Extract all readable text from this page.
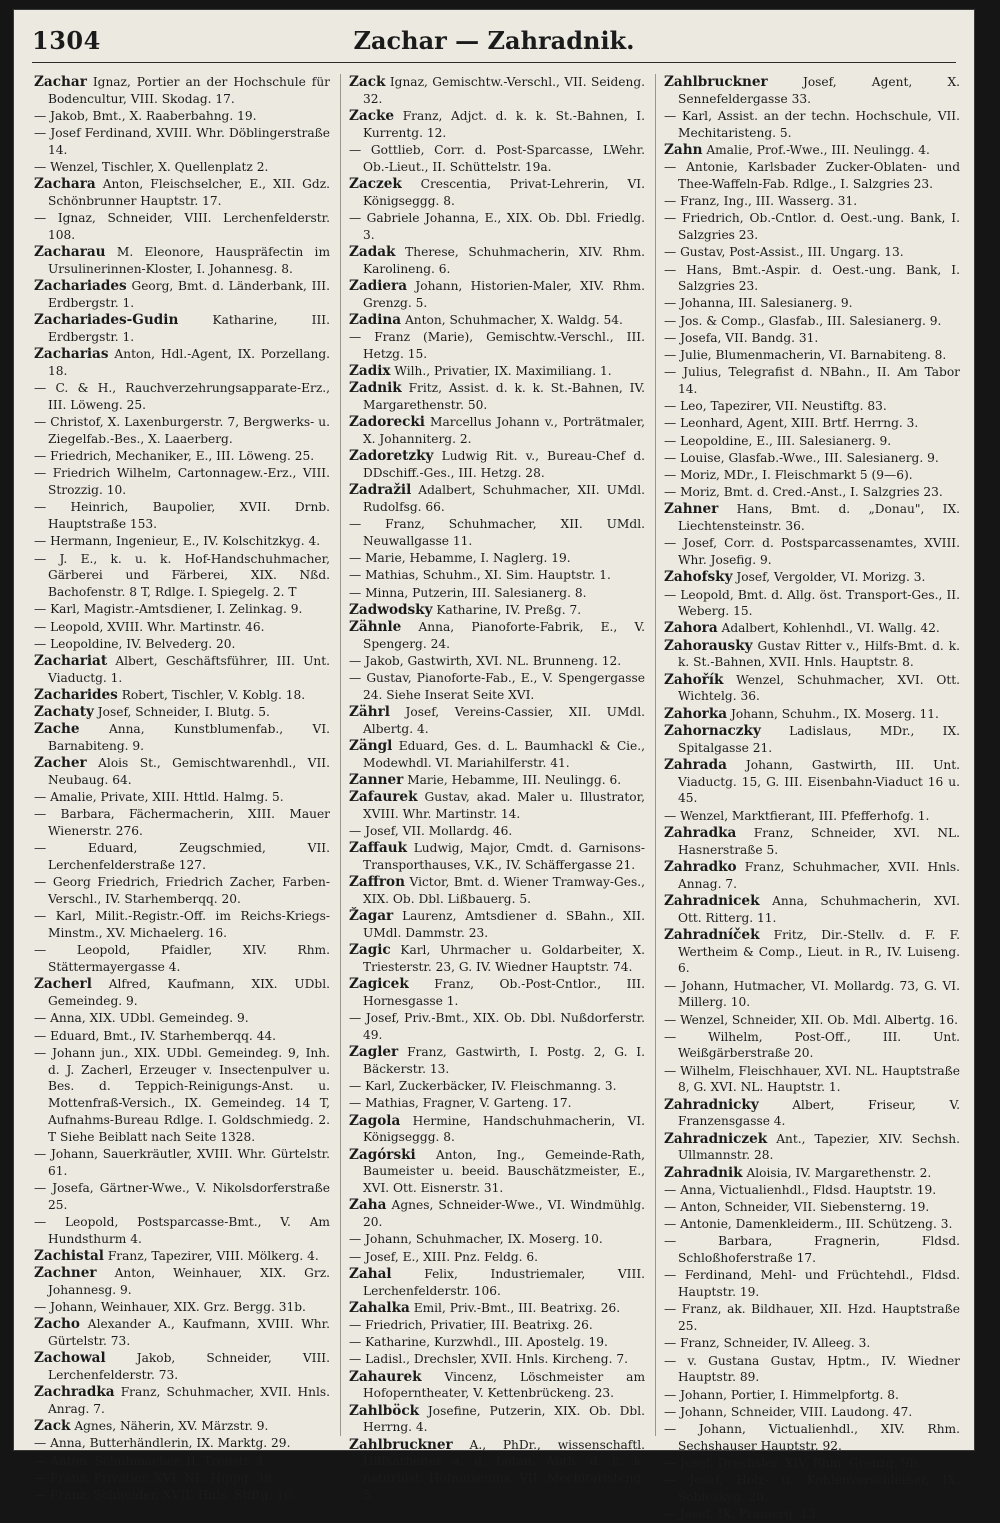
1304	Zachar — Zahradnik.

Zachar Ignaz, Portier an der Hochschule für Bodencultur, VIII. Skodag. 17.

— Jakob, Bmt., X. Raaberbahng. 19.

— Josef Ferdinand, XVIII. Whr. Döblingerstraße 14.

— Wenzel, Tischler, X. Quellenplatz 2.

Zachara Anton, Fleischselcher, E., XII. Gdz. Schönbrunner Hauptstr. 17.

— Ignaz, Schneider, VIII. Lerchenfelderstr. 108.

Zacharau M. Eleonore, Hauspräfectin im Ursulinerinnen-Kloster, I. Johannesg. 8.

Zachariades Georg, Bmt. d. Länderbank, III. Erdbergstr. 1.

Zachariades-Gudin	Katharine, III. Erdbergstr. 1.

Zacharias Anton, Hdl.-Agent, IX. Porzellang. 18.

— C. & H., Rauchverzehrungsapparate-Erz., III. Löweng. 25.

— Christof, X. Laxenburgerstr. 7, Bergwerks- u. Ziegelfab.-Bes., X. Laaerberg.

— Friedrich, Mechaniker, E., III. Löweng. 25.

— Friedrich Wilhelm, Cartonnagew.-Erz., VIII. Strozzig. 10.

— Heinrich, Baupolier, XVII. Drnb. Hauptstraße 153.

— Hermann, Ingenieur, E., IV. Kolschitzkyg. 4.

— J. E., k. u. k. Hof-Handschuhmacher, Gärberei und Färberei, XIX. Nßd. Bachofenstr. 8 T, Rdlge. I. Spiegelg. 2. T

— Karl, Magistr.-Amtsdiener, I. Zelinkag. 9.

— Leopold, XVIII. Whr. Martinstr. 46.

— Leopoldine, IV. Belvederg. 20.

Zachariat Albert, Geschäftsführer, III. Unt. Viaductg. 1.

Zacharides Robert, Tischler, V. Koblg. 18.

Zachaty Josef, Schneider, I. Blutg. 5.

Zache Anna, Kunstblumenfab., VI. Barnabiteng. 9.

Zacher Alois St., Gemischtwarenhdl., VII. Neubaug. 64.

— Amalie, Private, XIII. Httld. Halmg. 5.

— Barbara, Fächermacherin, XIII. Mauer Wienerstr. 276.

— Eduard, Zeugschmied, VII. Lerchenfelderstraße 127.

— Georg Friedrich, Friedrich Zacher, Farben-Verschl., IV. Starhemberqq. 20.

— Karl, Milit.-Registr.-Off. im Reichs-Kriegs-Minstm., XV. Michaelerg. 16.

— Leopold, Pfaidler, XIV. Rhm. Stättermayergasse 4.

Zacherl Alfred, Kaufmann, XIX. UDbl. Gemeindeg. 9.

— Anna, XIX. UDbl. Gemeindeg. 9.

— Eduard, Bmt., IV. Starhemberqq. 44.

— Johann jun., XIX. UDbl. Gemeindeg. 9, Inh. d. J. Zacherl, Erzeuger v. Insectenpulver u. Bes. d. Teppich-Reinigungs-Anst. u. Mottenfraß-Versich., IX. Gemeindeg. 14 T, Aufnahms-Bureau Rdlge. I. Goldschmiedg. 2. T Siehe Beiblatt nach Seite 1328.

— Johann, Sauerkräutler, XVIII. Whr. Gürtelstr. 61.

— Josefa, Gärtner-Wwe., V. Nikolsdorferstraße 25.

— Leopold, Postsparcasse-Bmt., V. Am Hundsthurm 4.

Zachistal Franz, Tapezirer, VIII. Mölkerg. 4.

Zachner Anton, Weinhauer, XIX. Grz. Johannesg. 9.

— Johann, Weinhauer, XIX. Grz. Bergg. 31b.

Zacho Alexander A., Kaufmann, XVIII. Whr. Gürtelstr. 73.

Zachowal	Jakob, Schneider, VIII. Lerchenfelderstr. 73.

Zachradka Franz, Schuhmacher, XVII. Hnls. Anrag. 7.

Zack Agnes, Näherin, XV. Märzstr. 9.

— Anna, Butterhändlerin, IX. Marktg. 29.

— Anton, Schuhmacher, II. Treustr. 4.

— Franz, Privatier, XVI. NL. Hippg. 38.

— Franz, Schneider, XVII. Hnls. Stiftg. 16.

Zack Ignaz, Gemischtw.-Verschl., VII. Seideng. 32.

Zacke Franz, Adjct. d. k. k. St.-Bahnen, I. Kurrentg. 12.

— Gottlieb, Corr. d. Post-Sparcasse, LWehr. Ob.-Lieut., II. Schüttelstr. 19a.

Zaczek Crescentia, Privat-Lehrerin, VI. Königseggg. 8.

— Gabriele Johanna, E., XIX. Ob. Dbl. Friedlg. 3.

Zadak Therese, Schuhmacherin, XIV. Rhm. Karolineng. 6.

Zadiera Johann, Historien-Maler, XIV. Rhm. Grenzg. 5.

Zadina Anton, Schuhmacher, X. Waldg. 54.

— Franz (Marie), Gemischtw.-Verschl., III. Hetzg. 15.

Zadix Wilh., Privatier, IX. Maximiliang. 1.

Zadnik Fritz, Assist. d. k. k. St.-Bahnen, IV. Margarethenstr. 50.

Zadorecki Marcellus Johann v., Porträtmaler, X. Johanniterg. 2.

Zadoretzky Ludwig Rit. v., Bureau-Chef d. DDschiff.-Ges., III. Hetzg. 28.

Zadražil Adalbert, Schuhmacher, XII. UMdl. Rudolfsg. 66.

— Franz, Schuhmacher, XII. UMdl. Neuwallgasse 11.

— Marie, Hebamme, I. Naglerg. 19.

— Mathias, Schuhm., XI. Sim. Hauptstr. 1.

— Minna, Putzerin, III. Salesianerg. 8.

Zadwodsky Katharine, IV. Preßg. 7.

Zähnle Anna, Pianoforte-Fabrik, E., V. Spengerg. 24.

— Jakob, Gastwirth, XVI. NL. Brunneng. 12.

— Gustav, Pianoforte-Fab., E., V. Spengergasse 24. Siehe Inserat Seite XVI.

Zährl Josef, Vereins-Cassier, XII. UMdl. Albertg. 4.

Zängl Eduard, Ges. d. L. Baumhackl & Cie., Modewhdl. VI. Mariahilferstr. 41.

Zanner Marie, Hebamme, III. Neulingg. 6.

Zafaurek Gustav, akad. Maler u. Illustrator, XVIII. Whr. Martinstr. 14.

— Josef, VII. Mollardg. 46.

Zaffauk Ludwig, Major, Cmdt. d. Garnisons-Transporthauses, V.K., IV. Schäffergasse 21.

Zaffron Victor, Bmt. d. Wiener Tramway-Ges., XIX. Ob. Dbl. Lißbauerg. 5.

Žagar Laurenz, Amtsdiener d. SBahn., XII. UMdl. Dammstr. 23.

Zagic Karl, Uhrmacher u. Goldarbeiter, X. Triesterstr. 23, G. IV. Wiedner Hauptstr. 74.

Zagicek Franz, Ob.-Post-Cntlor., III. Hornesgasse 1.

— Josef, Priv.-Bmt., XIX. Ob. Dbl. Nußdorferstr. 49.

Zagler Franz, Gastwirth, I. Postg. 2, G. I. Bäckerstr. 13.

— Karl, Zuckerbäcker, IV. Fleischmanng. 3.

— Mathias, Fragner, V. Garteng. 17.

Zagola Hermine, Handschuhmacherin, VI. Königseggg. 8.

Zagórski Anton, Ing., Gemeinde-Rath, Baumeister u. beeid. Bauschätzmeister, E., XVI. Ott. Eisnerstr. 31.

Zaha Agnes, Schneider-Wwe., VI. Windmühlg. 20.

— Johann, Schuhmacher, IX. Moserg. 10.

— Josef, E., XIII. Pnz. Feldg. 6.

Zahal	Felix, Industriemaler, VIII. Lerchenfelderstr. 106.

Zahalka Emil, Priv.-Bmt., III. Beatrixg. 26.

— Friedrich, Privatier, III. Beatrixg. 26.

— Katharine, Kurzwhdl., III. Apostelg. 19.

— Ladisl., Drechsler, XVII. Hnls. Kircheng. 7.

Zahaurek Vincenz, Löschmeister am Hofoperntheater, V. Kettenbrückeng. 23.

Zahlböck Josefine, Putzerin, XIX. Ob. Dbl. Herrng. 4.

Zahlbruckner A., PhDr., wissenschaftl. Hilfsarbeiter a. d. botan. Abth. d. k. k. naturhist. Hofmuseums, VII. Mechitaristeng. 5.

Zahlbruckner	Josef, Agent, X. Sennefeldergasse 33.

— Karl, Assist. an der techn. Hochschule, VII. Mechitaristeng. 5.

Zahn Amalie, Prof.-Wwe., III. Neulingg. 4.

— Antonie, Karlsbader Zucker-Oblaten- und Thee-Waffeln-Fab. Rdlge., I. Salzgries 23.

— Franz, Ing., III. Wasserg. 31.

— Friedrich, Ob.-Cntlor. d. Oest.-ung. Bank, I. Salzgries 23.

— Gustav, Post-Assist., III. Ungarg. 13.

— Hans, Bmt.-Aspir. d. Oest.-ung. Bank, I. Salzgries 23.

— Johanna, III. Salesianerg. 9.

— Jos. & Comp., Glasfab., III. Salesianerg. 9.

— Josefa, VII. Bandg. 31.

— Julie, Blumenmacherin, VI. Barnabiteng. 8.

— Julius, Telegrafist d. NBahn., II. Am Tabor 14.

— Leo, Tapezirer, VII. Neustiftg. 83.

— Leonhard, Agent, XIII. Brtf. Herrng. 3.

— Leopoldine, E., III. Salesianerg. 9.

— Louise, Glasfab.-Wwe., III. Salesianerg. 9.

— Moriz, MDr., I. Fleischmarkt 5 (9—6).

— Moriz, Bmt. d. Cred.-Anst., I. Salzgries 23.

Zahner Hans, Bmt. d. „Donau", IX. Liechtensteinstr. 36.

— Josef, Corr. d. Postsparcassenamtes, XVIII. Whr. Josefig. 9.

Zahofsky Josef, Vergolder, VI. Morizg. 3.

— Leopold, Bmt. d. Allg. öst. Transport-Ges., II. Weberg. 15.

Zahora Adalbert, Kohlenhdl., VI. Wallg. 42.

Zahorausky Gustav Ritter v., Hilfs-Bmt. d. k. k. St.-Bahnen, XVII. Hnls. Hauptstr. 8.

Zahořík Wenzel, Schuhmacher, XVI. Ott. Wichtelg. 36.

Zahorka Johann, Schuhm., IX. Moserg. 11.

Zahornaczky Ladislaus, MDr., IX. Spitalgasse 21.

Zahrada Johann, Gastwirth, III. Unt. Viaductg. 15, G. III. Eisenbahn-Viaduct 16 u. 45.

— Wenzel, Marktfierant, III. Pfefferhofg. 1.

Zahradka Franz, Schneider, XVI. NL. Hasnerstraße 5.

Zahradko Franz, Schuhmacher, XVII. Hnls. Annag. 7.

Zahradnicek Anna, Schuhmacherin, XVI. Ott. Ritterg. 11.

Zahradníček Fritz, Dir.-Stellv. d. F. F. Wertheim & Comp., Lieut. in R., IV. Luiseng. 6.

— Johann, Hutmacher, VI. Mollardg. 73, G. VI. Millerg. 10.

— Wenzel, Schneider, XII. Ob. Mdl. Albertg. 16.

— Wilhelm, Post-Off., III. Unt. Weißgärberstraße 20.

— Wilhelm, Fleischhauer, XVI. NL. Hauptstraße 8, G. XVI. NL. Hauptstr. 1.

Zahradnicky	Albert, Friseur, V. Franzensgasse 4.

Zahradniczek Ant., Tapezier, XIV. Sechsh. Ullmannstr. 28.

Zahradnik Aloisia, IV. Margarethenstr. 2.

— Anna, Victualienhdl., Fldsd. Hauptstr. 19.

— Anton, Schneider, VII. Siebensterng. 19.

— Antonie, Damenkleiderm., III. Schützeng. 3.

— Barbara, Fragnerin, Fldsd. Schloßhoferstraße 17.

— Ferdinand, Mehl- und Früchtehdl., Fldsd. Hauptstr. 19.

— Franz, ak. Bildhauer, XII. Hzd. Hauptstraße 25.

— Franz, Schneider, IV. Alleeg. 3.

— v. Gustana Gustav, Hptm., IV. Wiedner Hauptstr. 89.

— Johann, Portier, I. Himmelpfortg. 8.

— Johann, Schneider, VIII. Laudong. 47.

— Johann, Victualienhdl., XIV. Rhm. Sechshauser Hauptstr. 92.

— Josef, Drechsler, XIV. Rhm. Grenzg. 9b.

— Josef, Holz- u. Kohlenverschleißer, IX. Sobieskyg. 20.

— Josef, IX. Pramerg. 13.
